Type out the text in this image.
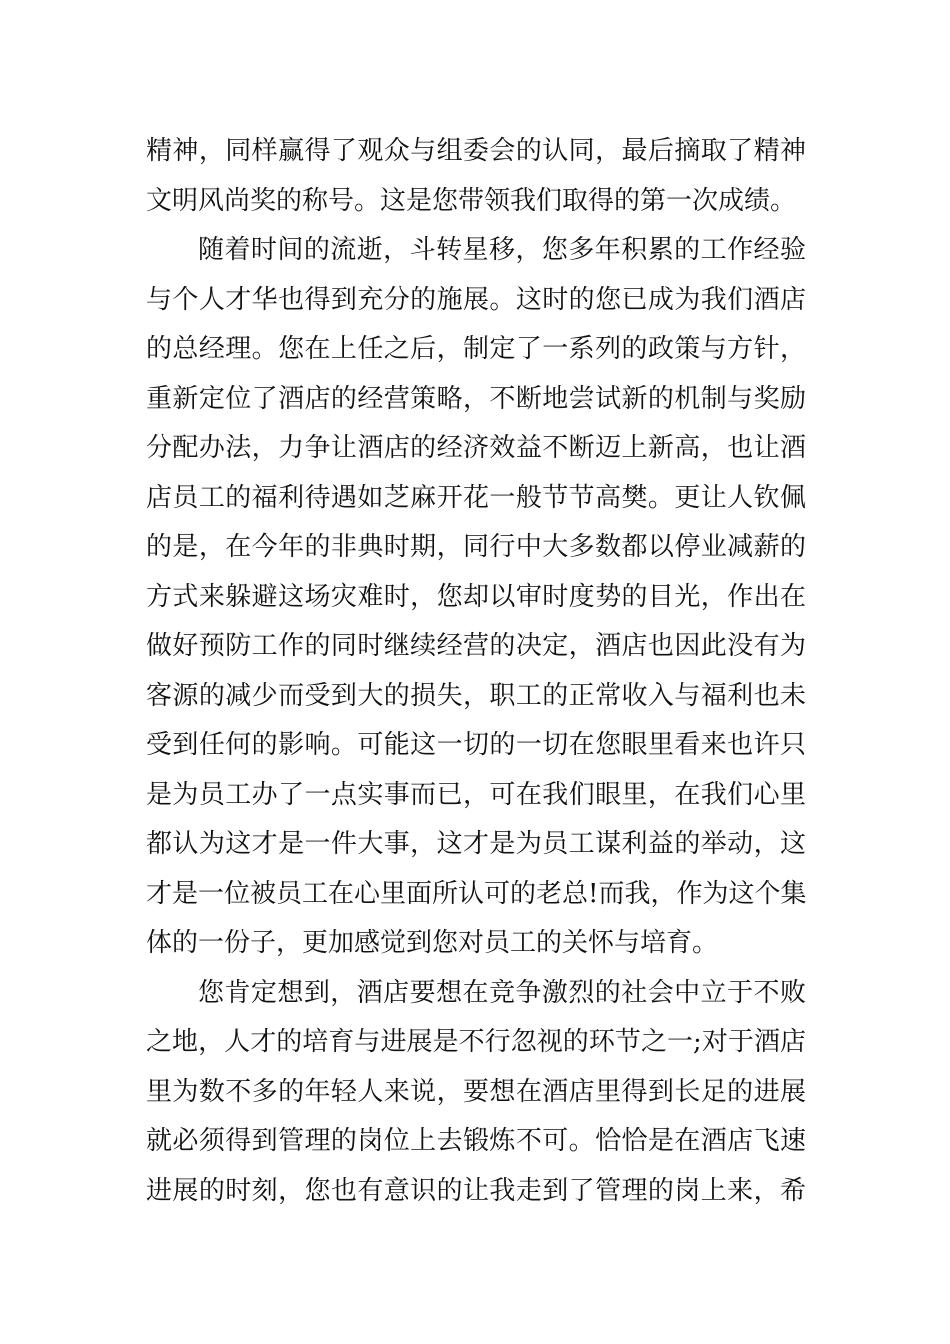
精神，同样赢得了观众与组委会的认同，最后摘取了精神
文明风尚奖的称号。这是您带领我们取得的第一次成绩。
随着时间的流逝，斗转星移，您多年积累的工作经验
与个人才华也得到充分的施展。这时的您已成为我们酒店
的总经理。您在上任之后，制定了一系列的政策与方针，
重新定位了酒店的经营策略，不断地尝试新的机制与奖励
分配办法，力争让酒店的经济效益不断迈上新高，也让酒
店员工的福利待遇如芝麻开花一般节节高樊。更让人钦佩
的是，在今年的非典时期，同行中大多数都以停业减薪的
方式来躲避这场灾难时，您却以审时度势的目光，作出在
做好预防工作的同时继续经营的决定，酒店也因此没有为
客源的减少而受到大的损失，职工的正常收入与福利也未
受到任何的影响。可能这一切的一切在您眼里看来也许只
是为员工办了一点实事而已，可在我们眼里，在我们心里
都认为这才是一件大事，这才是为员工谋利益的举动，这
才是一位被员工在心里面所认可的老总!而我，作为这个集
体的一份子，更加感觉到您对员工的关怀与培育。
您肯定想到，酒店要想在竞争激烈的社会中立于不败
之地，人才的培育与进展是不行忽视的环节之一;对于酒店
里为数不多的年轻人来说，要想在酒店里得到长足的进展
就必须得到管理的岗位上去锻炼不可。恰恰是在酒店飞速
进展的时刻，您也有意识的让我走到了管理的岗上来，希
